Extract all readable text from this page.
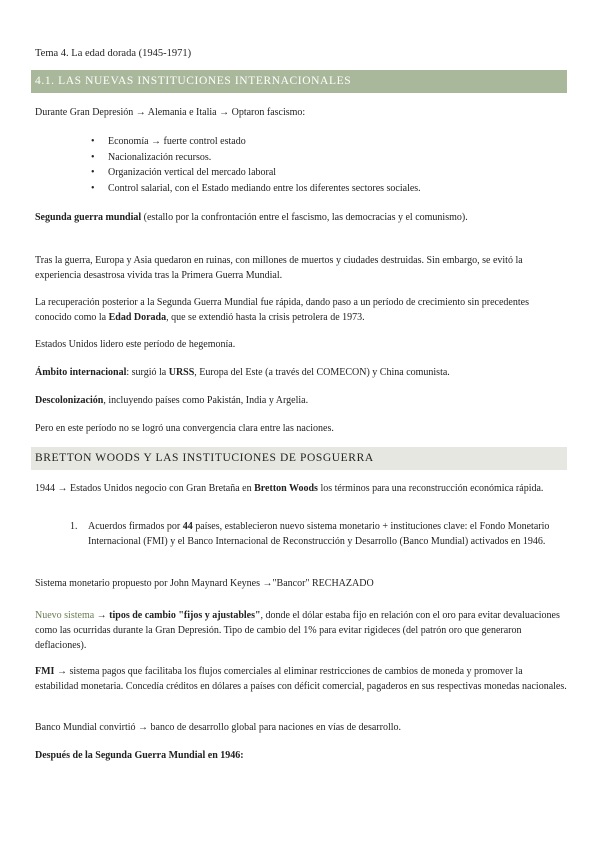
Tema 4. La edad dorada (1945-1971)
4.1. LAS NUEVAS INSTITUCIONES INTERNACIONALES

Durante Gran Depresión → Alemania e Italia → Optaron fascismo:

• Economía → fuerte control estado
• Nacionalización recursos.
• Organización vertical del mercado laboral
• Control salarial, con el Estado mediando entre los diferentes sectores sociales.

Segunda guerra mundial (estallo por la confrontación entre el fascismo, las democracias y el comunismo).

Tras la guerra, Europa y Asia quedaron en ruinas, con millones de muertos y ciudades destruidas. Sin embargo, se evitó la experiencia desastrosa vivida tras la Primera Guerra Mundial.

La recuperación posterior a la Segunda Guerra Mundial fue rápida, dando paso a un período de crecimiento sin precedentes conocido como la Edad Dorada, que se extendió hasta la crisis petrolera de 1973.

Estados Unidos lidero este período de hegemonía.

Ámbito internacional: surgió la URSS, Europa del Este (a través del COMECON) y China comunista.

Descolonización, incluyendo países como Pakistán, India y Argelia.

Pero en este período no se logró una convergencia clara entre las naciones.

BRETTON WOODS Y LAS INSTITUCIONES DE POSGUERRA

1944 → Estados Unidos negocio con Gran Bretaña en Bretton Woods los términos para una reconstrucción económica rápida.

1. Acuerdos firmados por 44 países, establecieron nuevo sistema monetario + instituciones clave: el Fondo Monetario Internacional (FMI) y el Banco Internacional de Reconstrucción y Desarrollo (Banco Mundial) activados en 1946.

Sistema monetario propuesto por John Maynard Keynes →"Bancor" RECHAZADO

Nuevo sistema → tipos de cambio "fijos y ajustables", donde el dólar estaba fijo en relación con el oro para evitar devaluaciones como las ocurridas durante la Gran Depresión. Tipo de cambio del 1% para evitar rigideces (del patrón oro que generaron deflaciones).

FMI → sistema pagos que facilitaba los flujos comerciales al eliminar restricciones de cambios de moneda y promover la estabilidad monetaria. Concedía créditos en dólares a países con déficit comercial, pagaderos en sus respectivas monedas nacionales.

Banco Mundial convirtió → banco de desarrollo global para naciones en vías de desarrollo.

Después de la Segunda Guerra Mundial en 1946:
